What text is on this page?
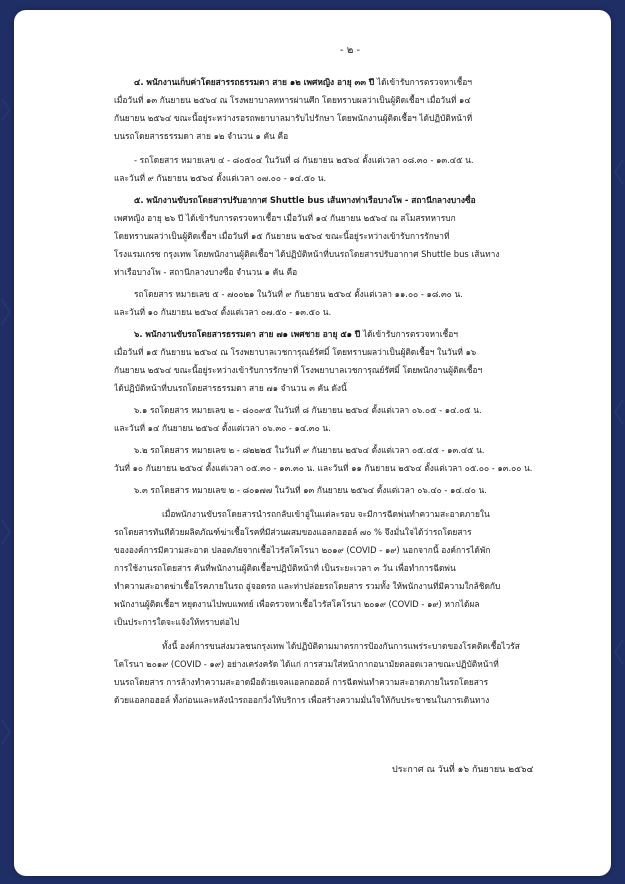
- ๒ -
๔. พนักงานเก็บค่าโดยสารรถธรรมดา สาย ๑๒ เพศหญิง อายุ ๓๓ ปี ได้เข้ารับการตรวจหาเชื้อฯ
เมื่อวันที่ ๑๓ กันยายน ๒๕๖๔ ณ โรงพยาบาลทหารผ่านศึก โดยทราบผลว่าเป็นผู้ติดเชื้อฯ เมื่อวันที่ ๑๔
กันยายน ๒๕๖๔ ขณะนี้อยู่ระหว่างรอรถพยาบาลมารับไปรักษา โดยพนักงานผู้ติดเชื้อฯ ได้ปฏิบัติหน้าที่
บนรถโดยสารธรรมดา สาย ๑๒ จำนวน ๑ คัน คือ
- รถโดยสาร หมายเลข ๔ - ๘๐๕๐๔ ในวันที่ ๘ กันยายน ๒๕๖๔ ตั้งแต่เวลา ๐๘.๓๐ - ๑๓.๔๕ น.
และวันที่ ๙ กันยายน ๒๕๖๔ ตั้งแต่เวลา ๐๗.๐๐ - ๑๔.๕๐ น.
๕. พนักงานขับรถโดยสารปรับอากาศ Shuttle bus เส้นทางท่าเรือบางโพ - สถานีกลางบางซื่อ
เพศหญิง อายุ ๒๖ ปี ได้เข้ารับการตรวจหาเชื้อฯ เมื่อวันที่ ๑๔ กันยายน ๒๕๖๔ ณ สโมสรทหารบก
โดยทราบผลว่าเป็นผู้ติดเชื้อฯ เมื่อวันที่ ๑๕ กันยายน ๒๕๖๔ ขณะนี้อยู่ระหว่างเข้ารับการรักษาที่
โรงแรมเกรซ กรุงเทพ โดยพนักงานผู้ติดเชื้อฯ ได้ปฏิบัติหน้าที่บนรถโดยสารปรับอากาศ Shuttle bus เส้นทาง
ท่าเรือบางโพ - สถานีกลางบางซื่อ จำนวน ๑ คัน คือ
รถโดยสาร หมายเลข ๕ - ๗๐๐๒๑ ในวันที่ ๙ กันยายน ๒๕๖๔ ตั้งแต่เวลา ๑๑.๐๐ - ๑๘.๓๐ น.
และวันที่ ๑๐ กันยายน ๒๕๖๔ ตั้งแต่เวลา ๐๗.๕๐ - ๑๓.๕๐ น.
๖. พนักงานขับรถโดยสารธรรมดา สาย ๗๑ เพศชาย อายุ ๕๑ ปี ได้เข้ารับการตรวจหาเชื้อฯ
เมื่อวันที่ ๑๕ กันยายน ๒๕๖๔ ณ โรงพยาบาลเวชการุณย์รัศมิ์ โดยทราบผลว่าเป็นผู้ติดเชื้อฯ ในวันที่ ๑๖
กันยายน ๒๕๖๔ ขณะนี้อยู่ระหว่างเข้ารับการรักษาที่ โรงพยาบาลเวชการุณย์รัศมิ์ โดยพนักงานผู้ติดเชื้อฯ
ได้ปฏิบัติหน้าที่บนรถโดยสารธรรมดา สาย ๗๑ จำนวน ๓ คัน ดังนี้
๖.๑ รถโดยสาร หมายเลข ๒ - ๘๐๐๙๕ ในวันที่ ๘ กันยายน ๒๕๖๔ ตั้งแต่เวลา ๐๖.๐๕ - ๑๔.๐๕ น.
และวันที่ ๑๔ กันยายน ๒๕๖๔ ตั้งแต่เวลา ๐๖.๓๐ - ๑๔.๓๐ น.
๖.๒ รถโดยสาร หมายเลข ๒ - ๘๒๒๒๕ ในวันที่ ๙ กันยายน ๒๕๖๔ ตั้งแต่เวลา ๐๕.๔๕ - ๑๓.๔๕ น.
วันที่ ๑๐ กันยายน ๒๕๖๔ ตั้งแต่เวลา ๐๕.๓๐ - ๑๓.๓๐ น. และวันที่ ๑๑ กันยายน ๒๕๖๔ ตั้งแต่เวลา ๐๕.๐๐ - ๑๓.๐๐ น.
๖.๓ รถโดยสาร หมายเลข ๒ - ๘๐๑๗๗ ในวันที่ ๑๓ กันยายน ๒๕๖๔ ตั้งแต่เวลา ๐๖.๔๐ - ๑๔.๔๐ น.
เมื่อพนักงานขับรถโดยสารนำรถกลับเข้าอู่ในแต่ละรอบ จะมีการฉีดพ่นทำความสะอาดภายใน
รถโดยสารทันทีด้วยผลิตภัณฑ์ฆ่าเชื้อโรคที่มีส่วนผสมของแอลกอฮอล์ ๗๐ % จึงมั่นใจได้ว่ารถโดยสาร
ขององค์การมีความสะอาด ปลอดภัยจากเชื้อไวรัสโคโรนา ๒๐๑๙ (COVID - ๑๙) นอกจากนี้ องค์การได้พัก
การใช้งานรถโดยสาร คันที่พนักงานผู้ติดเชื้อฯปฏิบัติหน้าที่ เป็นระยะเวลา ๓ วัน เพื่อทำการฉีดพ่น
ทำความสะอาดฆ่าเชื้อโรคภายในรถ อู่จอดรถ และท่าปล่อยรถโดยสาร รวมทั้ง ให้พนักงานที่มีความใกล้ชิดกับ
พนักงานผู้ติดเชื้อฯ หยุดงานไปพบแพทย์ เพื่อตรวจหาเชื้อไวรัสโคโรนา ๒๐๑๙ (COVID - ๑๙) หากได้ผล
เป็นประการใดจะแจ้งให้ทราบต่อไป
ทั้งนี้ องค์การขนส่งมวลชนกรุงเทพ ได้ปฏิบัติตามมาตรการป้องกันการแพร่ระบาดของโรคติดเชื้อไวรัส
โคโรนา ๒๐๑๙ (COVID - ๑๙) อย่างเคร่งครัด ได้แก่ การสวมใส่หน้ากากอนามัยตลอดเวลาขณะปฏิบัติหน้าที่
บนรถโดยสาร การล้างทำความสะอาดมือด้วยเจลแอลกอฮอล์ การฉีดพ่นทำความสะอาดภายในรถโดยสาร
ด้วยแอลกอฮอล์ ทั้งก่อนและหลังนำรถออกวิ่งให้บริการ เพื่อสร้างความมั่นใจให้กับประชาชนในการเดินทาง
ประกาศ ณ วันที่ ๑๖ กันยายน ๒๕๖๔
